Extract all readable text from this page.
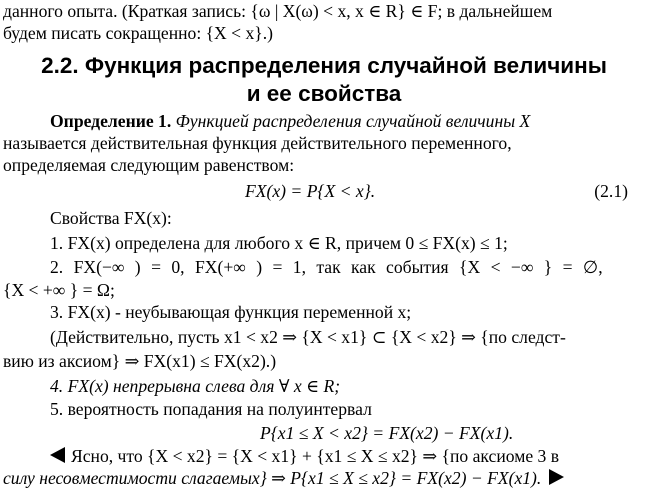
данного опыта. (Краткая запись: {ω | X(ω) < x, x ∈ R} ∈ F; в дальнейшем
будем писать сокращенно: {X < x}.)
2.2. Функция распределения случайной величины
и ее свойства
Определение 1. Функцией распределения случайной величины X
называется действительная функция действительного переменного,
определяемая следующим равенством:
FX(x) = P{X < x}.	(2.1)
Свойства FX(x):
1. FX(x) определена для любого x ∈ R, причем 0 ≤ FX(x) ≤ 1;
2. FX(−∞ ) = 0, FX(+∞ ) = 1, так как события {X < −∞ } = ∅,
{X < +∞ } = Ω;
3. FX(x) - неубывающая функция переменной x;
(Действительно, пусть x1 < x2 ⇒ {X < x1} ⊂ {X < x2} ⇒ {по следст-
вию из аксиом} ⇒ FX(x1) ≤ FX(x2).)
4. FX(x) непрерывна слева для ∀ x ∈ R;
5. вероятность попадания на полуинтервал
P{x1 ≤ X < x2} = FX(x2) − FX(x1).
Ясно, что {X < x2} = {X < x1} + {x1 ≤ X ≤ x2} ⇒ {по аксиоме 3 в
силу несовместимости слагаемых} ⇒ P{x1 ≤ X ≤ x2} = FX(x2) − FX(x1).
